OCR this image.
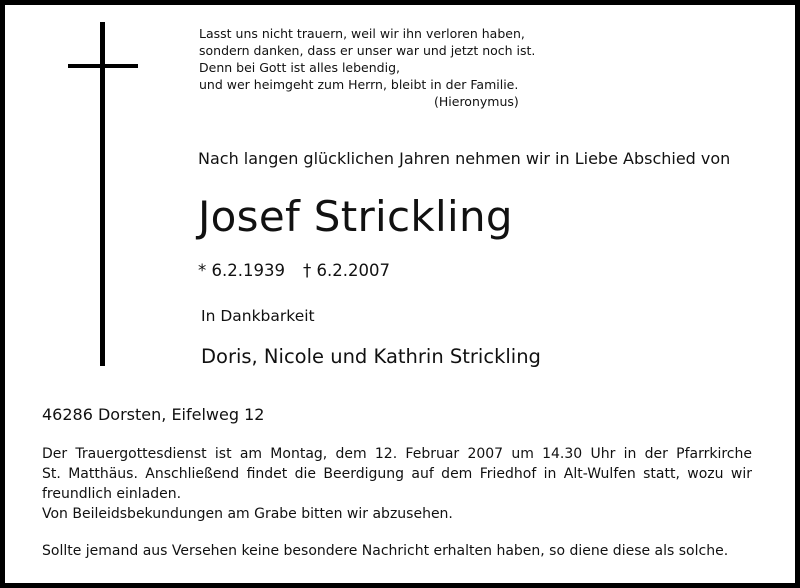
Lasst uns nicht trauern, weil wir ihn verloren haben,
sondern danken, dass er unser war und jetzt noch ist.
Denn bei Gott ist alles lebendig,
und wer heimgeht zum Herrn, bleibt in der Familie.
(Hieronymus)
Nach langen glücklichen Jahren nehmen wir in Liebe Abschied von
Josef Strickling
* 6.2.1939 † 6.2.2007
In Dankbarkeit
Doris, Nicole und Kathrin Strickling
46286 Dorsten, Eifelweg 12
Der Trauergottesdienst ist am Montag, dem 12. Februar 2007 um 14.30 Uhr in der Pfarrkirche
St. Matthäus. Anschließend findet die Beerdigung auf dem Friedhof in Alt-Wulfen statt, wozu wir
freundlich einladen.
Von Beileidsbekundungen am Grabe bitten wir abzusehen.
Sollte jemand aus Versehen keine besondere Nachricht erhalten haben, so diene diese als solche.
